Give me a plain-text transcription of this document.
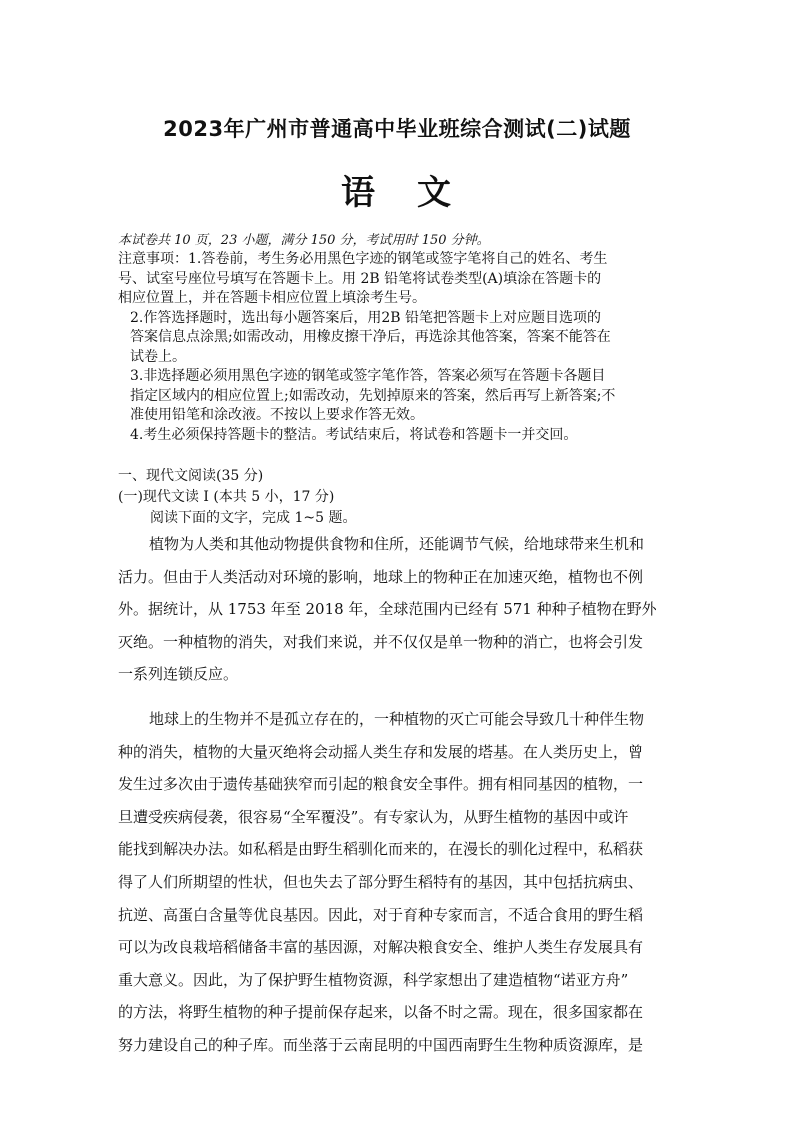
2023年广州市普通高中毕业班综合测试(二)试题
语 文
本试卷共 10 页，23 小题，满分 150 分，考试用时 150 分钟。
注意事项：1.答卷前，考生务必用黑色字迹的钢笔或签字笔将自己的姓名、考生
号、试室号座位号填写在答题卡上。用 2B 铅笔将试卷类型(A)填涂在答题卡的
相应位置上，并在答题卡相应位置上填涂考生号。
2.作答选择题时，选出每小题答案后，用2B 铅笔把答题卡上对应题目选项的
答案信息点涂黑;如需改动，用橡皮擦干净后，再选涂其他答案，答案不能答在
试卷上。
3.非选择题必须用黑色字迹的钢笔或签字笔作答，答案必须写在答题卡各题目
指定区域内的相应位置上;如需改动，先划掉原来的答案，然后再写上新答案;不
准使用铅笔和涂改液。不按以上要求作答无效。
4.考生必须保持答题卡的整洁。考试结束后，将试卷和答题卡一并交回。
一、现代文阅读(35 分)
(一)现代文读 I (本共 5 小，17 分)
阅读下面的文字，完成 1~5 题。
植物为人类和其他动物提供食物和住所，还能调节气候，给地球带来生机和
活力。但由于人类活动对环境的影响，地球上的物种正在加速灭绝，植物也不例
外。据统计，从 1753 年至 2018 年，全球范围内已经有 571 种种子植物在野外
灭绝。一种植物的消失，对我们来说，并不仅仅是单一物种的消亡，也将会引发
一系列连锁反应。
地球上的生物并不是孤立存在的，一种植物的灭亡可能会导致几十种伴生物
种的消失，植物的大量灭绝将会动摇人类生存和发展的塔基。在人类历史上，曾
发生过多次由于遗传基础狭窄而引起的粮食安全事件。拥有相同基因的植物，一
旦遭受疾病侵袭，很容易“全军覆没”。有专家认为，从野生植物的基因中或许
能找到解决办法。如私稻是由野生稻驯化而来的，在漫长的驯化过程中，私稻获
得了人们所期望的性状，但也失去了部分野生稻特有的基因，其中包括抗病虫、
抗逆、高蛋白含量等优良基因。因此，对于育种专家而言，不适合食用的野生稻
可以为改良栽培稻储备丰富的基因源，对解决粮食安全、维护人类生存发展具有
重大意义。因此，为了保护野生植物资源，科学家想出了建造植物“诺亚方舟”
的方法，将野生植物的种子提前保存起来，以备不时之需。现在，很多国家都在
努力建设自己的种子库。而坐落于云南昆明的中国西南野生生物种质资源库，是
